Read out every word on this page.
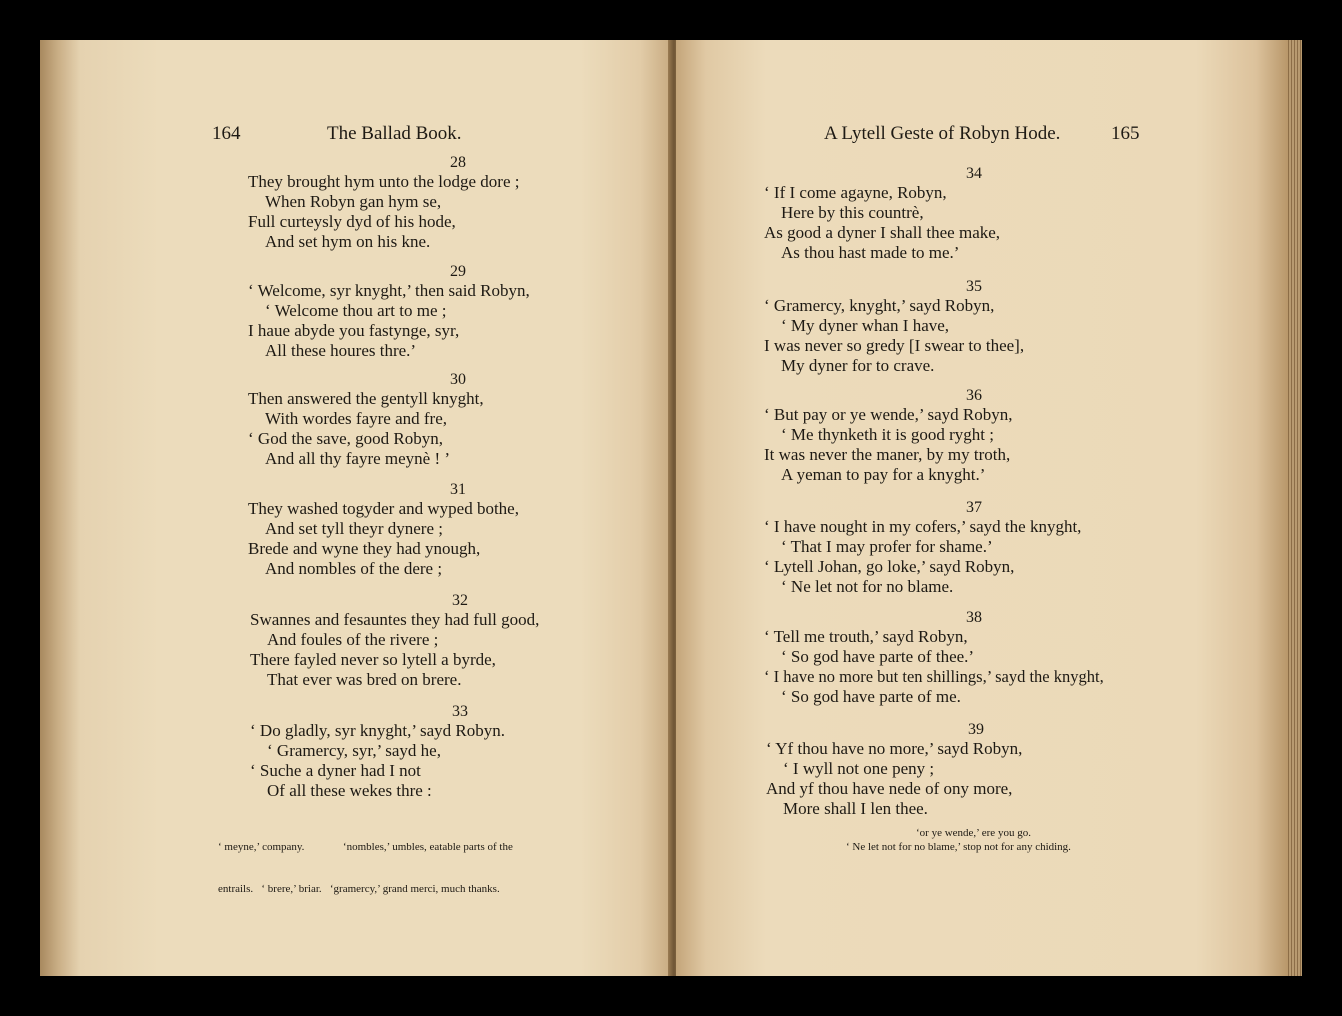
164	The Ballad Book.
28
They brought hym unto the lodge dore ;
When Robyn gan hym se,
Full curteysly dyd of his hode,
And set hym on his kne.
29
‘ Welcome, syr knyght,’ then said Robyn,
‘ Welcome thou art to me ;
I haue abyde you fastynge, syr,
All these houres thre.’
30
Then answered the gentyll knyght,
With wordes fayre and fre,
‘ God the save, good Robyn,
And all thy fayre meynè ! ’
31
They washed togyder and wyped bothe,
And set tyll theyr dynere ;
Brede and wyne they had ynough,
And nombles of the dere ;
32
Swannes and fesauntes they had full good,
And foules of the rivere ;
There fayled never so lytell a byrde,
That ever was bred on brere.
33
‘ Do gladly, syr knyght,’ sayd Robyn.
‘ Gramercy, syr,’ sayd he,
‘ Suche a dyner had I not
Of all these wekes thre :

‘ meyne,’ company.              ‘nombles,’ umbles, eatable parts of the

entrails.   ‘ brere,’ briar.   ‘gramercy,’ grand merci, much thanks.

A Lytell Geste of Robyn Hode.	165
34
‘ If I come agayne, Robyn,
Here by this countrè,
As good a dyner I shall thee make,
As thou hast made to me.’
35
‘ Gramercy, knyght,’ sayd Robyn,
‘ My dyner whan I have,
I was never so gredy [I swear to thee],
My dyner for to crave.
36
‘ But pay or ye wende,’ sayd Robyn,
‘ Me thynketh it is good ryght ;
It was never the maner, by my troth,
A yeman to pay for a knyght.’
37
‘ I have nought in my cofers,’ sayd the knyght,
‘ That I may profer for shame.’
‘ Lytell Johan, go loke,’ sayd Robyn,
‘ Ne let not for no blame.
38
‘ Tell me trouth,’ sayd Robyn,
‘ So god have parte of thee.’
‘ I have no more but ten shillings,’ sayd the knyght,
‘ So god have parte of me.
39
‘ Yf thou have no more,’ sayd Robyn,
‘ I wyll not one peny ;
And yf thou have nede of ony more,
More shall I len thee.
‘or ye wende,’ ere you go.
‘ Ne let not for no blame,’ stop not for any chiding.
